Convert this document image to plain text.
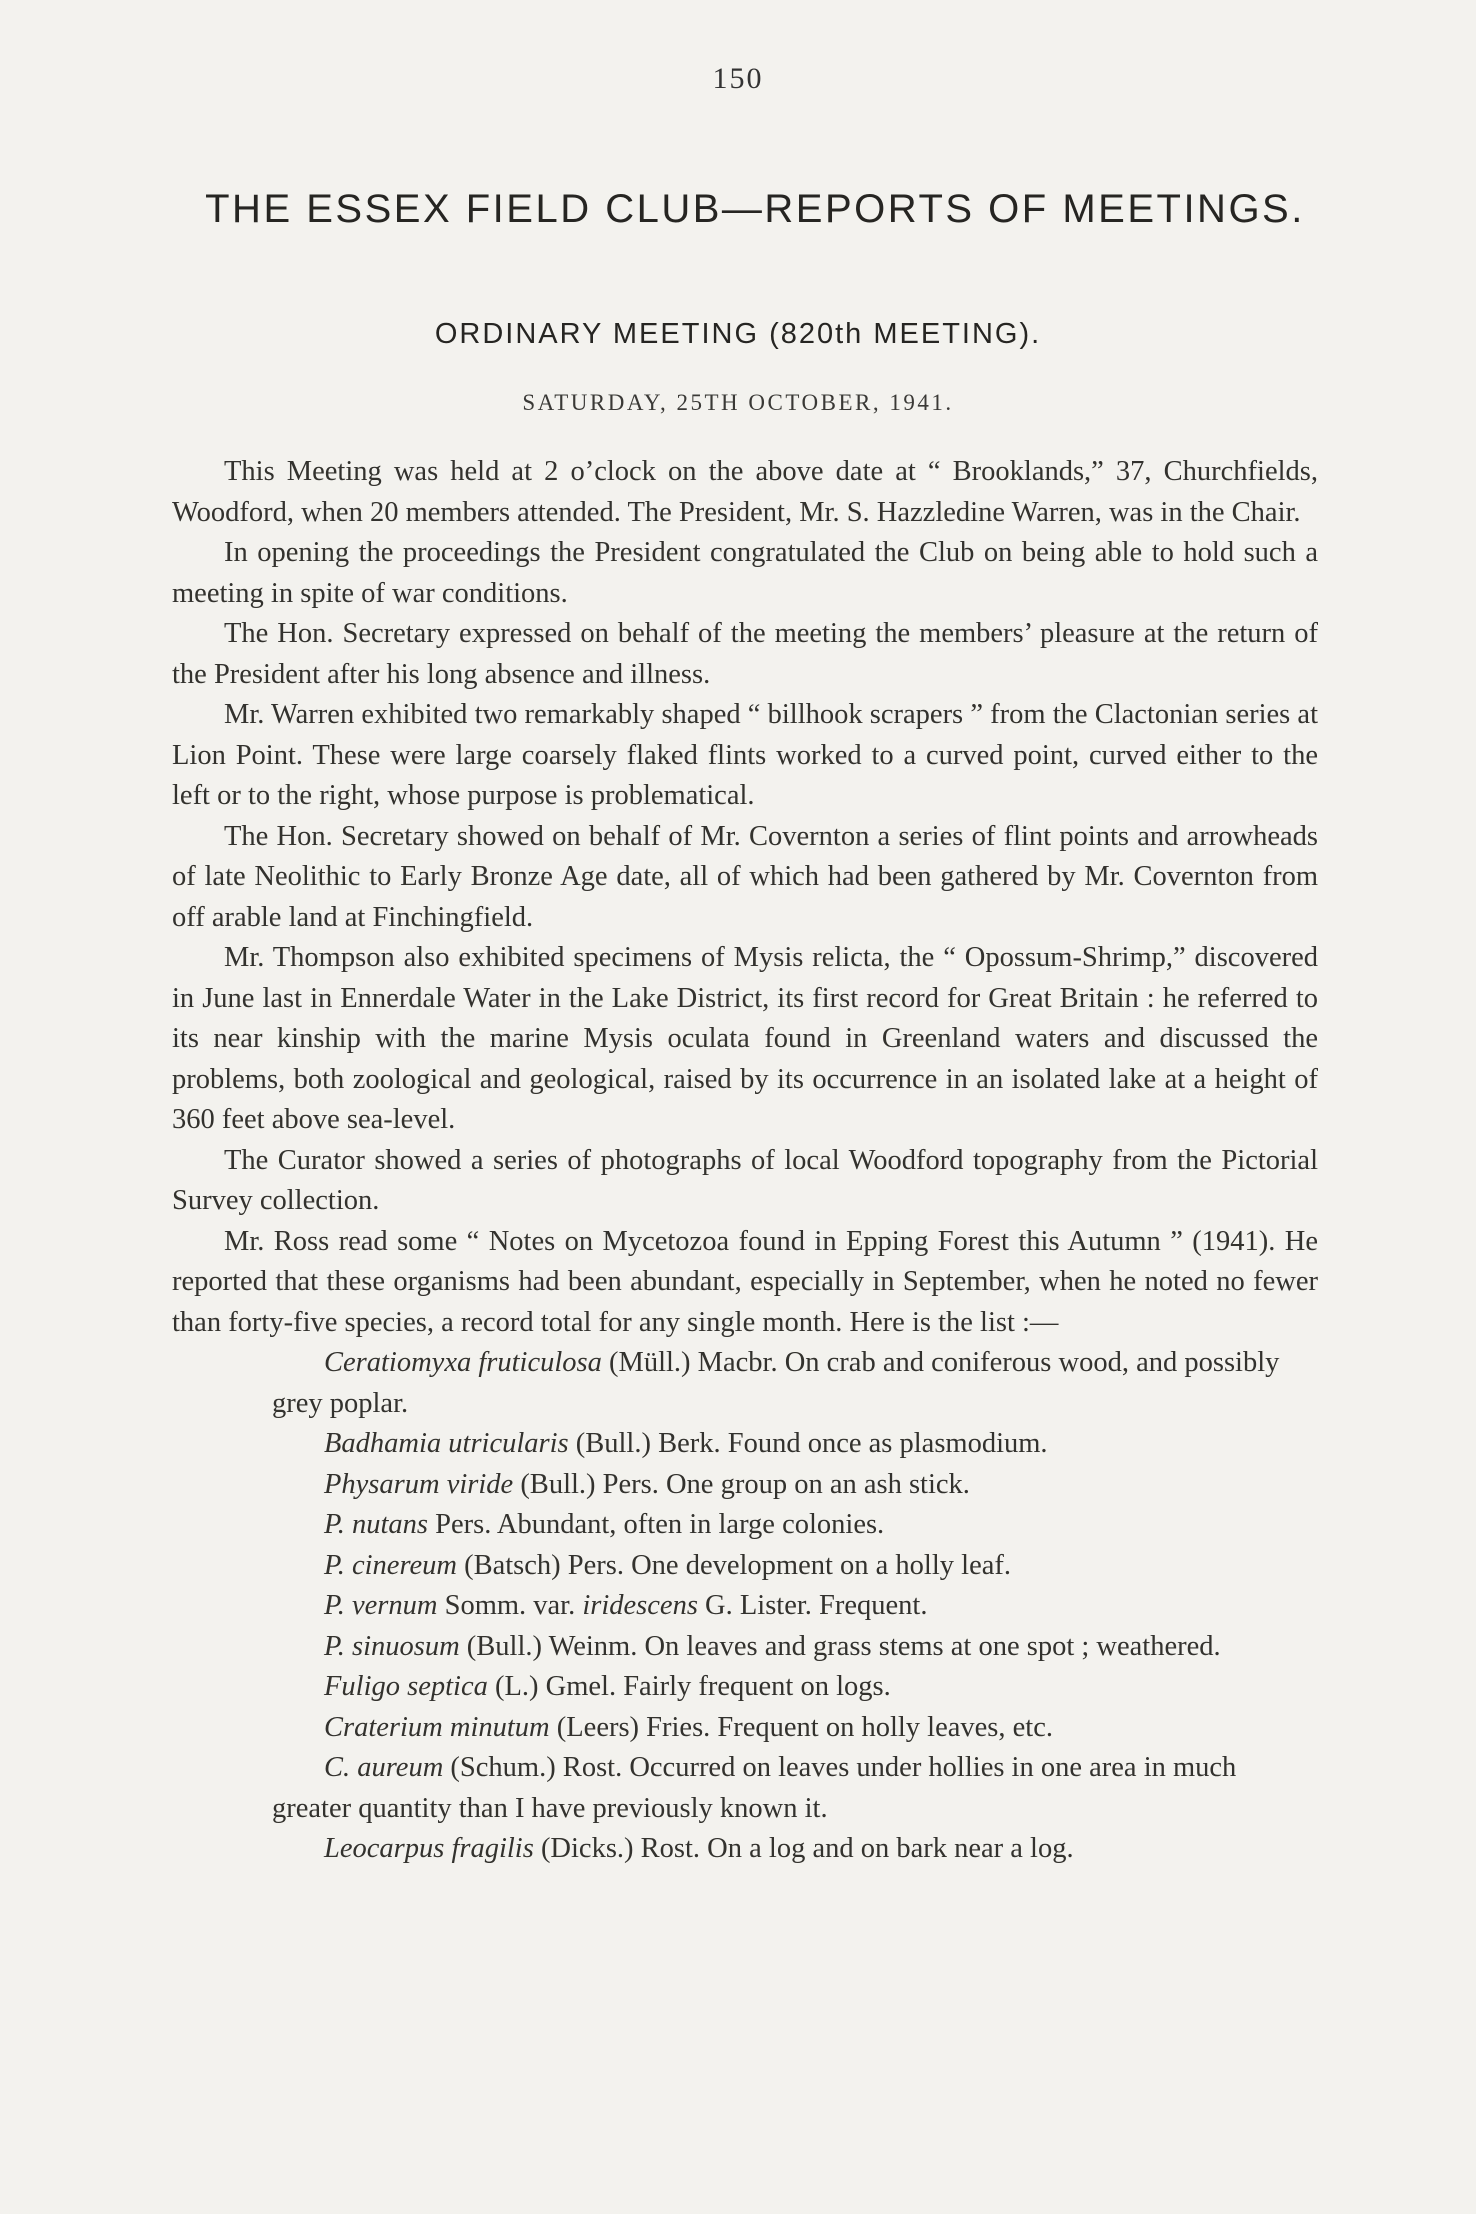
150
THE ESSEX FIELD CLUB—REPORTS OF MEETINGS.
ORDINARY MEETING (820th MEETING).
SATURDAY, 25TH OCTOBER, 1941.

This Meeting was held at 2 o’clock on the above date at “ Brooklands,” 37, Churchfields, Woodford, when 20 members attended. The President, Mr. S. Hazzledine Warren, was in the Chair.

In opening the proceedings the President congratulated the Club on being able to hold such a meeting in spite of war conditions.

The Hon. Secretary expressed on behalf of the meeting the members’ pleasure at the return of the President after his long absence and illness.

Mr. Warren exhibited two remarkably shaped “ billhook scrapers ” from the Clactonian series at Lion Point. These were large coarsely flaked flints worked to a curved point, curved either to the left or to the right, whose purpose is problematical.

The Hon. Secretary showed on behalf of Mr. Covernton a series of flint points and arrowheads of late Neolithic to Early Bronze Age date, all of which had been gathered by Mr. Covernton from off arable land at Finchingfield.

Mr. Thompson also exhibited specimens of Mysis relicta, the “ Opossum-Shrimp,” discovered in June last in Ennerdale Water in the Lake District, its first record for Great Britain : he referred to its near kinship with the marine Mysis oculata found in Greenland waters and discussed the problems, both zoological and geological, raised by its occurrence in an isolated lake at a height of 360 feet above sea-level.

The Curator showed a series of photographs of local Woodford topography from the Pictorial Survey collection.

Mr. Ross read some “ Notes on Mycetozoa found in Epping Forest this Autumn ” (1941). He reported that these organisms had been abundant, especially in September, when he noted no fewer than forty-five species, a record total for any single month. Here is the list :—

Ceratiomyxa fruticulosa (Müll.) Macbr. On crab and coniferous wood, and possibly grey poplar.

Badhamia utricularis (Bull.) Berk. Found once as plasmodium.

Physarum viride (Bull.) Pers. One group on an ash stick.

P. nutans Pers. Abundant, often in large colonies.

P. cinereum (Batsch) Pers. One development on a holly leaf.

P. vernum Somm. var. iridescens G. Lister. Frequent.

P. sinuosum (Bull.) Weinm. On leaves and grass stems at one spot ; weathered.

Fuligo septica (L.) Gmel. Fairly frequent on logs.

Craterium minutum (Leers) Fries. Frequent on holly leaves, etc.

C. aureum (Schum.) Rost. Occurred on leaves under hollies in one area in much greater quantity than I have previously known it.

Leocarpus fragilis (Dicks.) Rost. On a log and on bark near a log.
